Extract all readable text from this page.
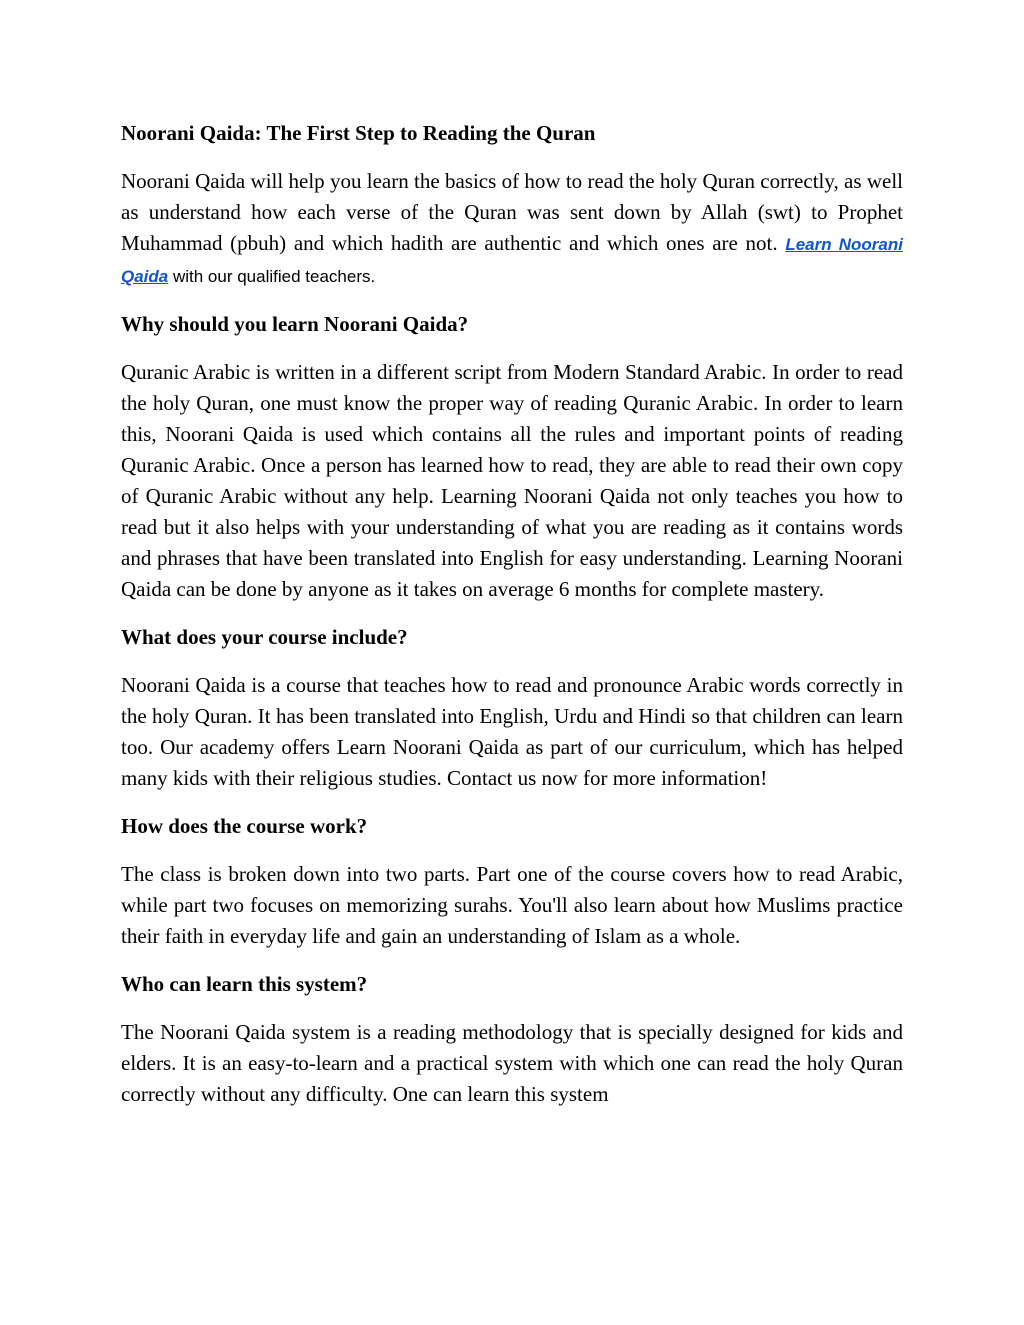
Noorani Qaida: The First Step to Reading the Quran

Noorani Qaida will help you learn the basics of how to read the holy Quran correctly, as well as understand how each verse of the Quran was sent down by Allah (swt) to Prophet Muhammad (pbuh) and which hadith are authentic and which ones are not. Learn Noorani Qaida with our qualified teachers.

Why should you learn Noorani Qaida?

Quranic Arabic is written in a different script from Modern Standard Arabic. In order to read the holy Quran, one must know the proper way of reading Quranic Arabic. In order to learn this, Noorani Qaida is used which contains all the rules and important points of reading Quranic Arabic. Once a person has learned how to read, they are able to read their own copy of Quranic Arabic without any help. Learning Noorani Qaida not only teaches you how to read but it also helps with your understanding of what you are reading as it contains words and phrases that have been translated into English for easy understanding. Learning Noorani Qaida can be done by anyone as it takes on average 6 months for complete mastery.

What does your course include?

Noorani Qaida is a course that teaches how to read and pronounce Arabic words correctly in the holy Quran. It has been translated into English, Urdu and Hindi so that children can learn too. Our academy offers Learn Noorani Qaida as part of our curriculum, which has helped many kids with their religious studies. Contact us now for more information!

How does the course work?

The class is broken down into two parts. Part one of the course covers how to read Arabic, while part two focuses on memorizing surahs. You'll also learn about how Muslims practice their faith in everyday life and gain an understanding of Islam as a whole.

Who can learn this system?

The Noorani Qaida system is a reading methodology that is specially designed for kids and elders. It is an easy-to-learn and a practical system with which one can read the holy Quran correctly without any difficulty. One can learn this system
